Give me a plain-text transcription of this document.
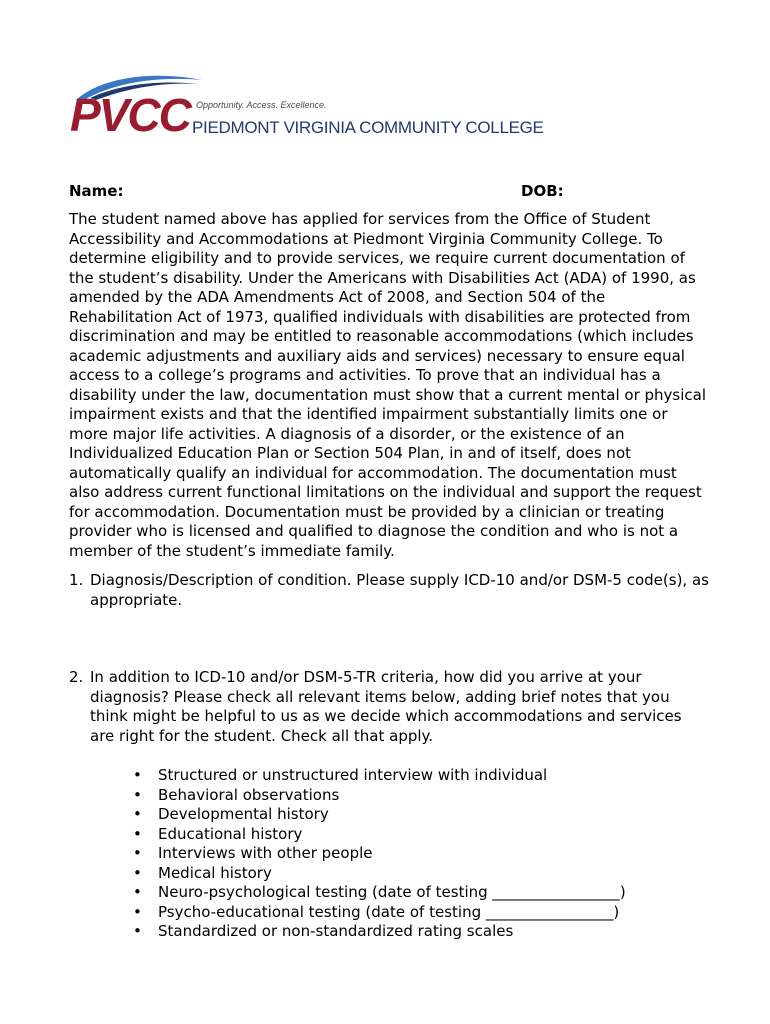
PVCC Opportunity. Access. Excellence.
PIEDMONT VIRGINIA COMMUNITY COLLEGE
Name:	DOB:

The student named above has applied for services from the Office of Student Accessibility and Accommodations at Piedmont Virginia Community College. To determine eligibility and to provide services, we require current documentation of the student’s disability. Under the Americans with Disabilities Act (ADA) of 1990, as amended by the ADA Amendments Act of 2008, and Section 504 of the Rehabilitation Act of 1973, qualified individuals with disabilities are protected from discrimination and may be entitled to reasonable accommodations (which includes academic adjustments and auxiliary aids and services) necessary to ensure equal access to a college’s programs and activities. To prove that an individual has a disability under the law, documentation must show that a current mental or physical impairment exists and that the identified impairment substantially limits one or more major life activities. A diagnosis of a disorder, or the existence of an Individualized Education Plan or Section 504 Plan, in and of itself, does not automatically qualify an individual for accommodation. The documentation must also address current functional limitations on the individual and support the request for accommodation. Documentation must be provided by a clinician or treating provider who is licensed and qualified to diagnose the condition and who is not a member of the student’s immediate family.

1. Diagnosis/Description of condition. Please supply ICD-10 and/or DSM-5 code(s), as appropriate.
2. In addition to ICD-10 and/or DSM-5-TR criteria, how did you arrive at your diagnosis? Please check all relevant items below, adding brief notes that you think might be helpful to us as we decide which accommodations and services are right for the student. Check all that apply.
• Structured or unstructured interview with individual
• Behavioral observations
• Developmental history
• Educational history
• Interviews with other people
• Medical history
• Neuro-psychological testing (date of testing _________________)
• Psycho-educational testing (date of testing _________________)
• Standardized or non-standardized rating scales
